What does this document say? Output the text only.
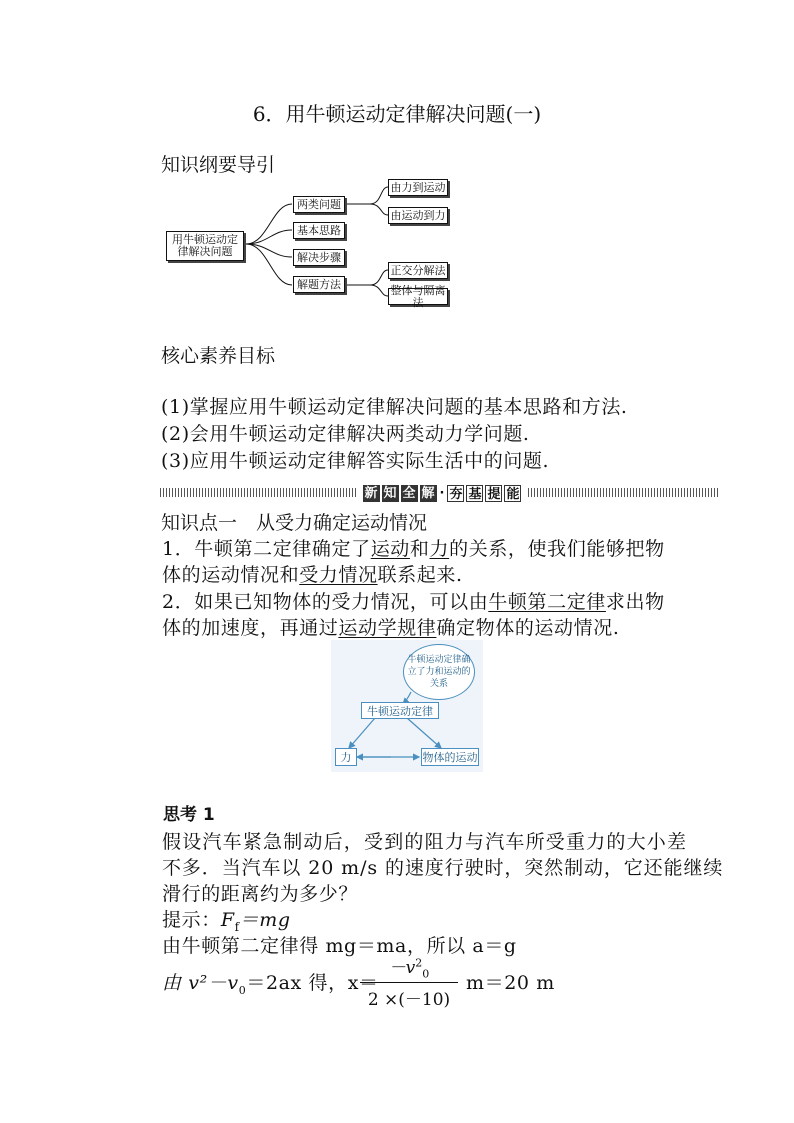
6．用牛顿运动定律解决问题(一)
知识纲要导引
用牛顿运动定律解决问题
两类问题
基本思路
解决步骤
解题方法
由力到运动
由运动到力
正交分解法
整体与隔离法
核心素养目标
(1)掌握应用牛顿运动定律解决问题的基本思路和方法.
(2)会用牛顿运动定律解决两类动力学问题.
(3)应用牛顿运动定律解答实际生活中的问题.
新 知 全 解 · 夯 基 提 能
知识点一　从受力确定运动情况
1．牛顿第二定律确定了运动和力的关系，使我们能够把物
体的运动情况和受力情况联系起来.
2．如果已知物体的受力情况，可以由牛顿第二定律求出物
体的加速度，再通过运动学规律确定物体的运动情况.
牛顿运动定律确立了力和运动的关系
牛顿运动定律
力	物体的运动
思考 1
假设汽车紧急制动后，受到的阻力与汽车所受重力的大小差
不多．当汽车以 20 m/s 的速度行驶时，突然制动，它还能继续
滑行的距离约为多少？
提示：$F_f=mg$
由牛顿第二定律得 mg＝ma，所以 a＝g
由 $v^2-v_0=2ax$ 得，x＝
$\frac{-v^2_0}{2 \times(-10)} m=20$ m
